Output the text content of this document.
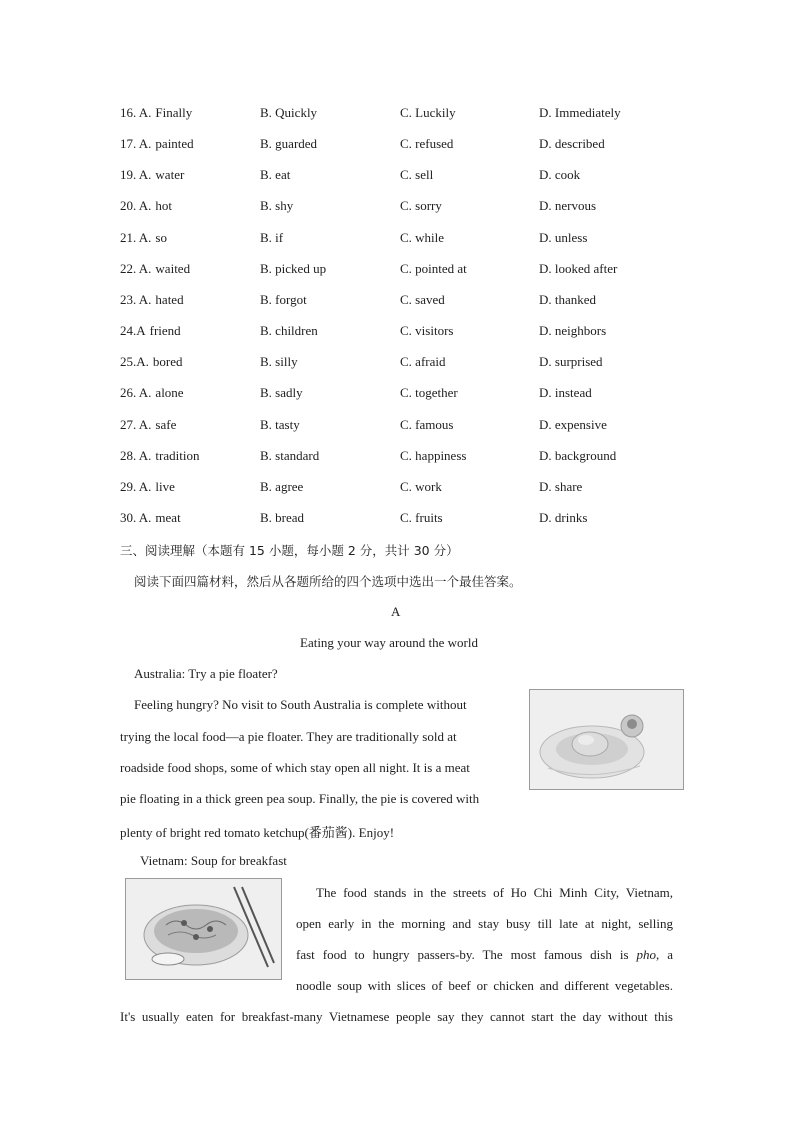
16. A. Finally	B. Quickly	C. Luckily	D. Immediately
17. A. painted	B. guarded	C. refused	D. described
19. A. water	B. eat	C. sell	D. cook
20. A. hot	B. shy	C. sorry	D. nervous
21. A. so	B. if	C. while	D. unless
22. A. waited	B. picked up	C. pointed at	D. looked after
23. A. hated	B. forgot	C. saved	D. thanked
24.A friend	B. children	C. visitors	D. neighbors
25.A. bored	B. silly	C. afraid	D. surprised
26. A. alone	B. sadly	C. together	D. instead
27. A. safe	B. tasty	C. famous	D. expensive
28. A. tradition	B. standard	C. happiness	D. background
29. A. live	B. agree	C. work	D. share
30. A. meat	B. bread	C. fruits	D. drinks
三、阅读理解（本题有 15 小题，每小题 2 分，共计 30 分）
阅读下面四篇材料，然后从各题所给的四个选项中选出一个最佳答案。
A
Eating your way around the world
Australia: Try a pie floater?
Feeling hungry? No visit to South Australia is complete without
trying the local food—a pie floater. They are traditionally sold at
roadside food shops, some of which stay open all night. It is a meat
pie floating in a thick green pea soup. Finally, the pie is covered with
plenty of bright red tomato ketchup(番茄酱). Enjoy!
Vietnam: Soup for breakfast
The food stands in the streets of Ho Chi Minh City, Vietnam,
open early in the morning and stay busy till late at night, selling
fast food to hungry passers-by. The most famous dish is pho, a
noodle soup with slices of beef or chicken and different vegetables.
It's usually eaten for breakfast-many Vietnamese people say they cannot start the day without this
